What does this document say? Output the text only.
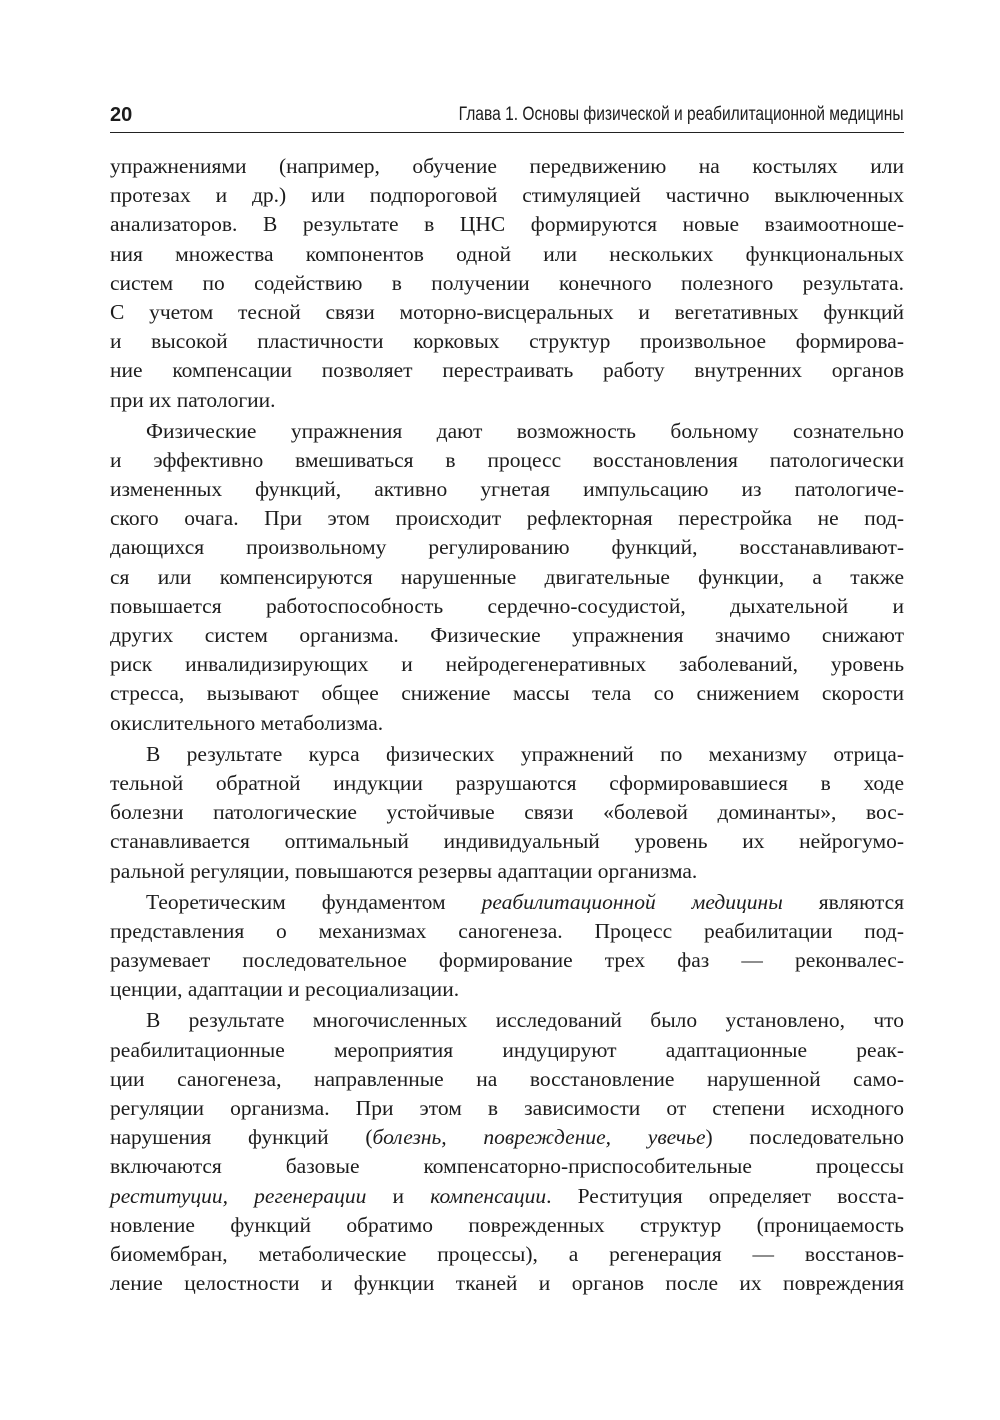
20	Глава 1. Основы физической и реабилитационной медицины
упражнениями (например, обучение передвижению на костылях или
протезах и др.) или подпороговой стимуляцией частично выключенных
анализаторов. В результате в ЦНС формируются новые взаимоотноше-
ния множества компонентов одной или нескольких функциональных
систем по содействию в получении конечного полезного результата.
С учетом тесной связи моторно-висцеральных и вегетативных функций
и высокой пластичности корковых структур произвольное формирова-
ние компенсации позволяет перестраивать работу внутренних органов
при их патологии.
Физические упражнения дают возможность больному сознательно
и эффективно вмешиваться в процесс восстановления патологически
измененных функций, активно угнетая импульсацию из патологиче-
ского очага. При этом происходит рефлекторная перестройка не под-
дающихся произвольному регулированию функций, восстанавливают-
ся или компенсируются нарушенные двигательные функции, а также
повышается работоспособность сердечно-сосудистой, дыхательной и
других систем организма. Физические упражнения значимо снижают
риск инвалидизирующих и нейродегенеративных заболеваний, уровень
стресса, вызывают общее снижение массы тела со снижением скорости
окислительного метаболизма.
В результате курса физических упражнений по механизму отрица-
тельной обратной индукции разрушаются сформировавшиеся в ходе
болезни патологические устойчивые связи «болевой доминанты», вос-
станавливается оптимальный индивидуальный уровень их нейрогумо-
ральной регуляции, повышаются резервы адаптации организма.
Теоретическим фундаментом реабилитационной медицины являются
представления о механизмах саногенеза. Процесс реабилитации под-
разумевает последовательное формирование трех фаз — реконвалес-
ценции, адаптации и ресоциализации.
В результате многочисленных исследований было установлено, что
реабилитационные мероприятия индуцируют адаптационные реак-
ции саногенеза, направленные на восстановление нарушенной само-
регуляции организма. При этом в зависимости от степени исходного
нарушения функций (болезнь, повреждение, увечье) последовательно
включаются базовые компенсаторно-приспособительные процессы
реституции, регенерации и компенсации. Реституция определяет восста-
новление функций обратимо поврежденных структур (проницаемость
биомембран, метаболические процессы), а регенерация — восстанов-
ление целостности и функции тканей и органов после их повреждения
